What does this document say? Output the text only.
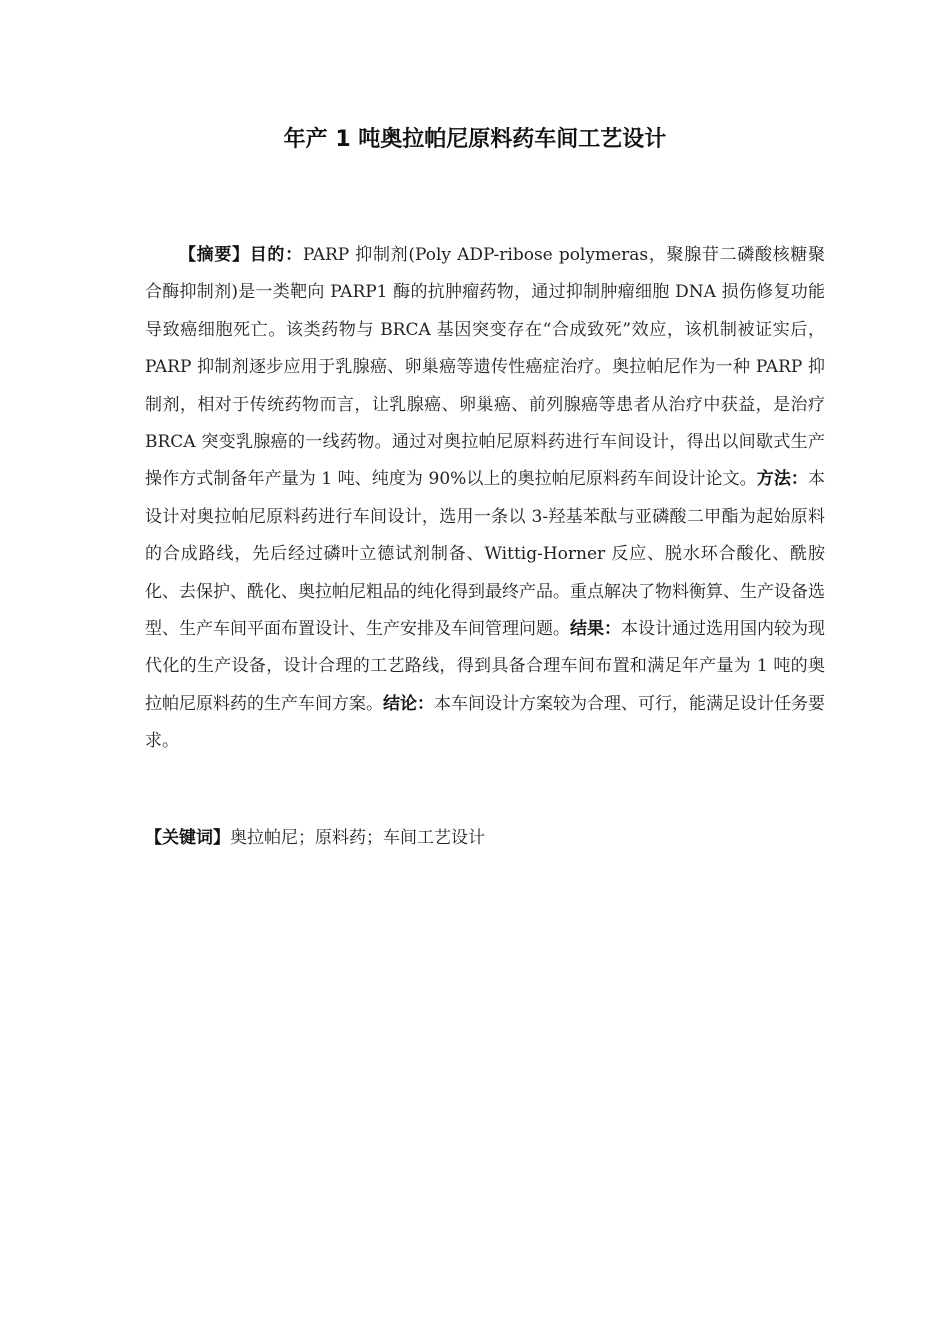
年产 1 吨奥拉帕尼原料药车间工艺设计

【摘要】目的：PARP 抑制剂(Poly ADP-ribose polymeras，聚腺苷二磷酸核糖聚合酶抑制剂)是一类靶向 PARP1 酶的抗肿瘤药物，通过抑制肿瘤细胞 DNA 损伤修复功能导致癌细胞死亡。该类药物与 BRCA 基因突变存在“合成致死”效应，该机制被证实后，PARP 抑制剂逐步应用于乳腺癌、卵巢癌等遗传性癌症治疗。奥拉帕尼作为一种 PARP 抑制剂，相对于传统药物而言，让乳腺癌、卵巢癌、前列腺癌等患者从治疗中获益，是治疗 BRCA 突变乳腺癌的一线药物。通过对奥拉帕尼原料药进行车间设计，得出以间歇式生产操作方式制备年产量为 1 吨、纯度为 90%以上的奥拉帕尼原料药车间设计论文。方法：本设计对奥拉帕尼原料药进行车间设计，选用一条以 3-羟基苯酞与亚磷酸二甲酯为起始原料的合成路线，先后经过磷叶立德试剂制备、Wittig-Horner 反应、脱水环合酸化、酰胺化、去保护、酰化、奥拉帕尼粗品的纯化得到最终产品。重点解决了物料衡算、生产设备选型、生产车间平面布置设计、生产安排及车间管理问题。结果：本设计通过选用国内较为现代化的生产设备，设计合理的工艺路线，得到具备合理车间布置和满足年产量为 1 吨的奥拉帕尼原料药的生产车间方案。结论：本车间设计方案较为合理、可行，能满足设计任务要求。

【关键词】奥拉帕尼；原料药；车间工艺设计
